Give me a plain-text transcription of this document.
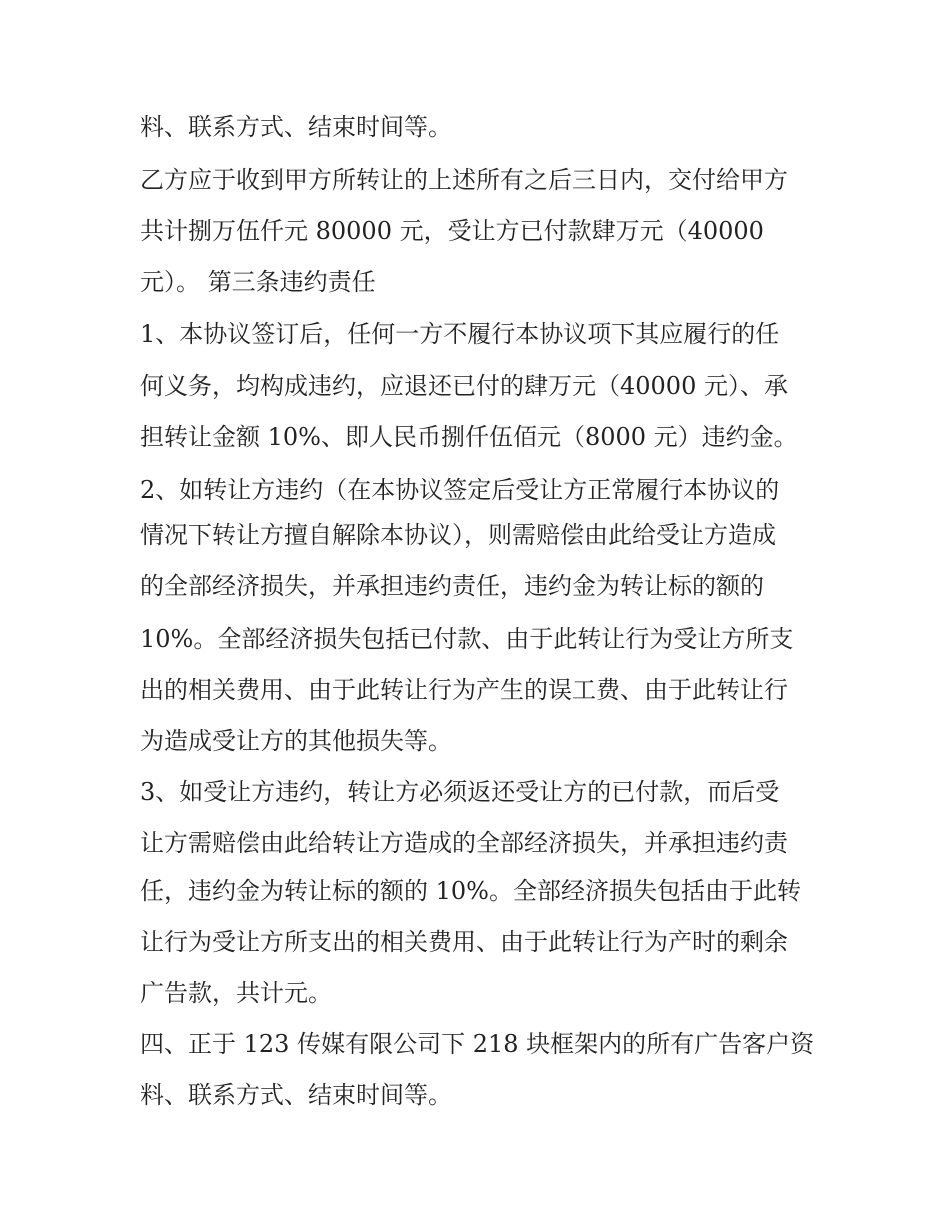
料、联系方式、结束时间等。
乙方应于收到甲方所转让的上述所有之后三日内，交付给甲方
共计捌万伍仟元 80000 元，受让方已付款肆万元（40000
元）。 第三条违约责任
1、本协议签订后，任何一方不履行本协议项下其应履行的任
何义务，均构成违约，应退还已付的肆万元（40000 元）、承
担转让金额 10%、即人民币捌仟伍佰元（8000 元）违约金。
2、如转让方违约（在本协议签定后受让方正常履行本协议的
情况下转让方擅自解除本协议），则需赔偿由此给受让方造成
的全部经济损失，并承担违约责任，违约金为转让标的额的
10%。全部经济损失包括已付款、由于此转让行为受让方所支
出的相关费用、由于此转让行为产生的误工费、由于此转让行
为造成受让方的其他损失等。
3、如受让方违约，转让方必须返还受让方的已付款，而后受
让方需赔偿由此给转让方造成的全部经济损失，并承担违约责
任，违约金为转让标的额的 10%。全部经济损失包括由于此转
让行为受让方所支出的相关费用、由于此转让行为产时的剩余
广告款，共计元。
四、正于 123 传媒有限公司下 218 块框架内的所有广告客户资
料、联系方式、结束时间等。
